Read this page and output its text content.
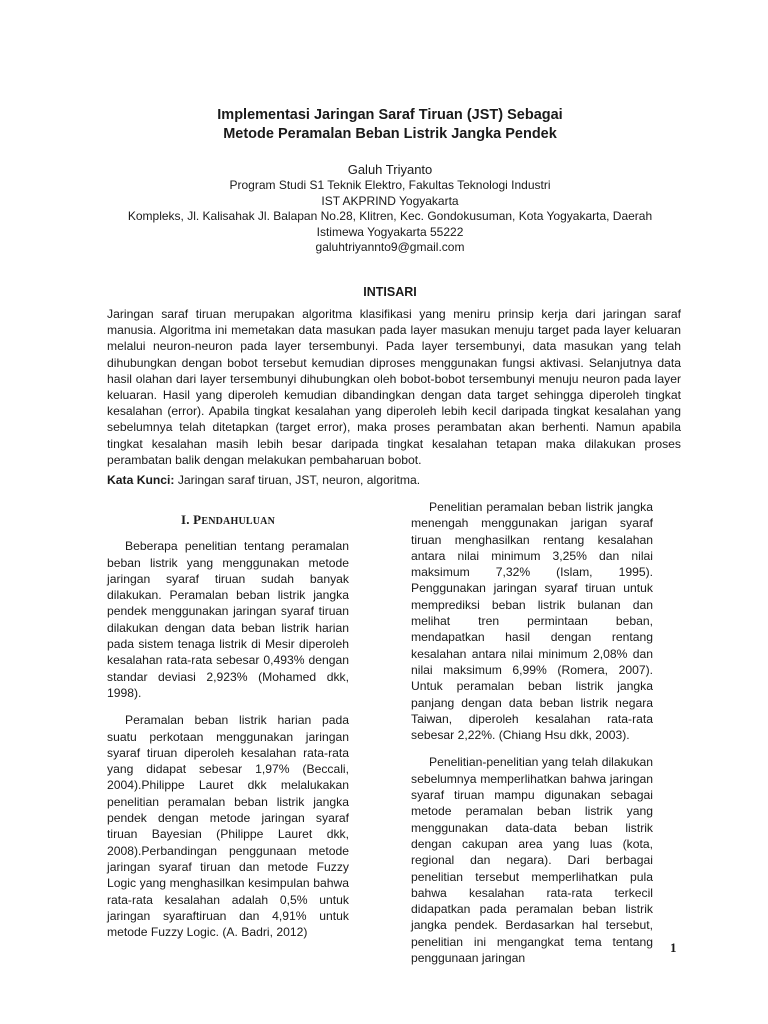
Implementasi Jaringan Saraf Tiruan (JST) Sebagai
Metode Peramalan Beban Listrik Jangka Pendek
Galuh Triyanto
Program Studi S1 Teknik Elektro, Fakultas Teknologi Industri
IST AKPRIND Yogyakarta
Kompleks, Jl. Kalisahak Jl. Balapan No.28, Klitren, Kec. Gondokusuman, Kota Yogyakarta, Daerah
Istimewa Yogyakarta 55222
galuhtriyannto9@gmail.com
INTISARI

Jaringan saraf tiruan merupakan algoritma klasifikasi yang meniru prinsip kerja dari jaringan saraf manusia. Algoritma ini memetakan data masukan pada layer masukan menuju target pada layer keluaran melalui neuron-neuron pada layer tersembunyi. Pada layer tersembunyi, data masukan yang telah dihubungkan dengan bobot tersebut kemudian diproses menggunakan fungsi aktivasi. Selanjutnya data hasil olahan dari layer tersembunyi dihubungkan oleh bobot-bobot tersembunyi menuju neuron pada layer keluaran. Hasil yang diperoleh kemudian dibandingkan dengan data target sehingga diperoleh tingkat kesalahan (error). Apabila tingkat kesalahan yang diperoleh lebih kecil daripada tingkat kesalahan yang sebelumnya telah ditetapkan (target error), maka proses perambatan akan berhenti. Namun apabila tingkat kesalahan masih lebih besar daripada tingkat kesalahan tetapan maka dilakukan proses perambatan balik dengan melakukan pembaharuan bobot.

Kata Kunci: Jaringan saraf tiruan, JST, neuron, algoritma.

I. PENDAHULUAN

Beberapa penelitian tentang peramalan beban listrik yang menggunakan metode jaringan syaraf tiruan sudah banyak dilakukan. Peramalan beban listrik jangka pendek menggunakan jaringan syaraf tiruan dilakukan dengan data beban listrik harian pada sistem tenaga listrik di Mesir diperoleh kesalahan rata-rata sebesar 0,493% dengan standar deviasi 2,923% (Mohamed dkk, 1998).

Peramalan beban listrik harian pada suatu perkotaan menggunakan jaringan syaraf tiruan diperoleh kesalahan rata-rata yang didapat sebesar 1,97% (Beccali, 2004).Philippe Lauret dkk melalukakan penelitian peramalan beban listrik jangka pendek dengan metode jaringan syaraf tiruan Bayesian (Philippe Lauret dkk, 2008).Perbandingan penggunaan metode jaringan syaraf tiruan dan metode Fuzzy Logic yang menghasilkan kesimpulan bahwa rata-rata kesalahan adalah 0,5% untuk jaringan syaraftiruan dan 4,91% untuk metode Fuzzy Logic. (A. Badri, 2012)

Penelitian peramalan beban listrik jangka menengah menggunakan jarigan syaraf tiruan menghasilkan rentang kesalahan antara nilai minimum 3,25% dan nilai maksimum 7,32% (Islam, 1995). Penggunakan jaringan syaraf tiruan untuk memprediksi beban listrik bulanan dan melihat tren permintaan beban, mendapatkan hasil dengan rentang kesalahan antara nilai minimum 2,08% dan nilai maksimum 6,99% (Romera, 2007). Untuk peramalan beban listrik jangka panjang dengan data beban listrik negara Taiwan, diperoleh kesalahan rata-rata sebesar 2,22%. (Chiang Hsu dkk, 2003).

Penelitian-penelitian yang telah dilakukan sebelumnya memperlihatkan bahwa jaringan syaraf tiruan mampu digunakan sebagai metode peramalan beban listrik yang menggunakan data-data beban listrik dengan cakupan area yang luas (kota, regional dan negara). Dari berbagai penelitian tersebut memperlihatkan pula bahwa kesalahan rata-rata terkecil didapatkan pada peramalan beban listrik jangka pendek. Berdasarkan hal tersebut, penelitian ini mengangkat tema tentang penggunaan jaringan

1
